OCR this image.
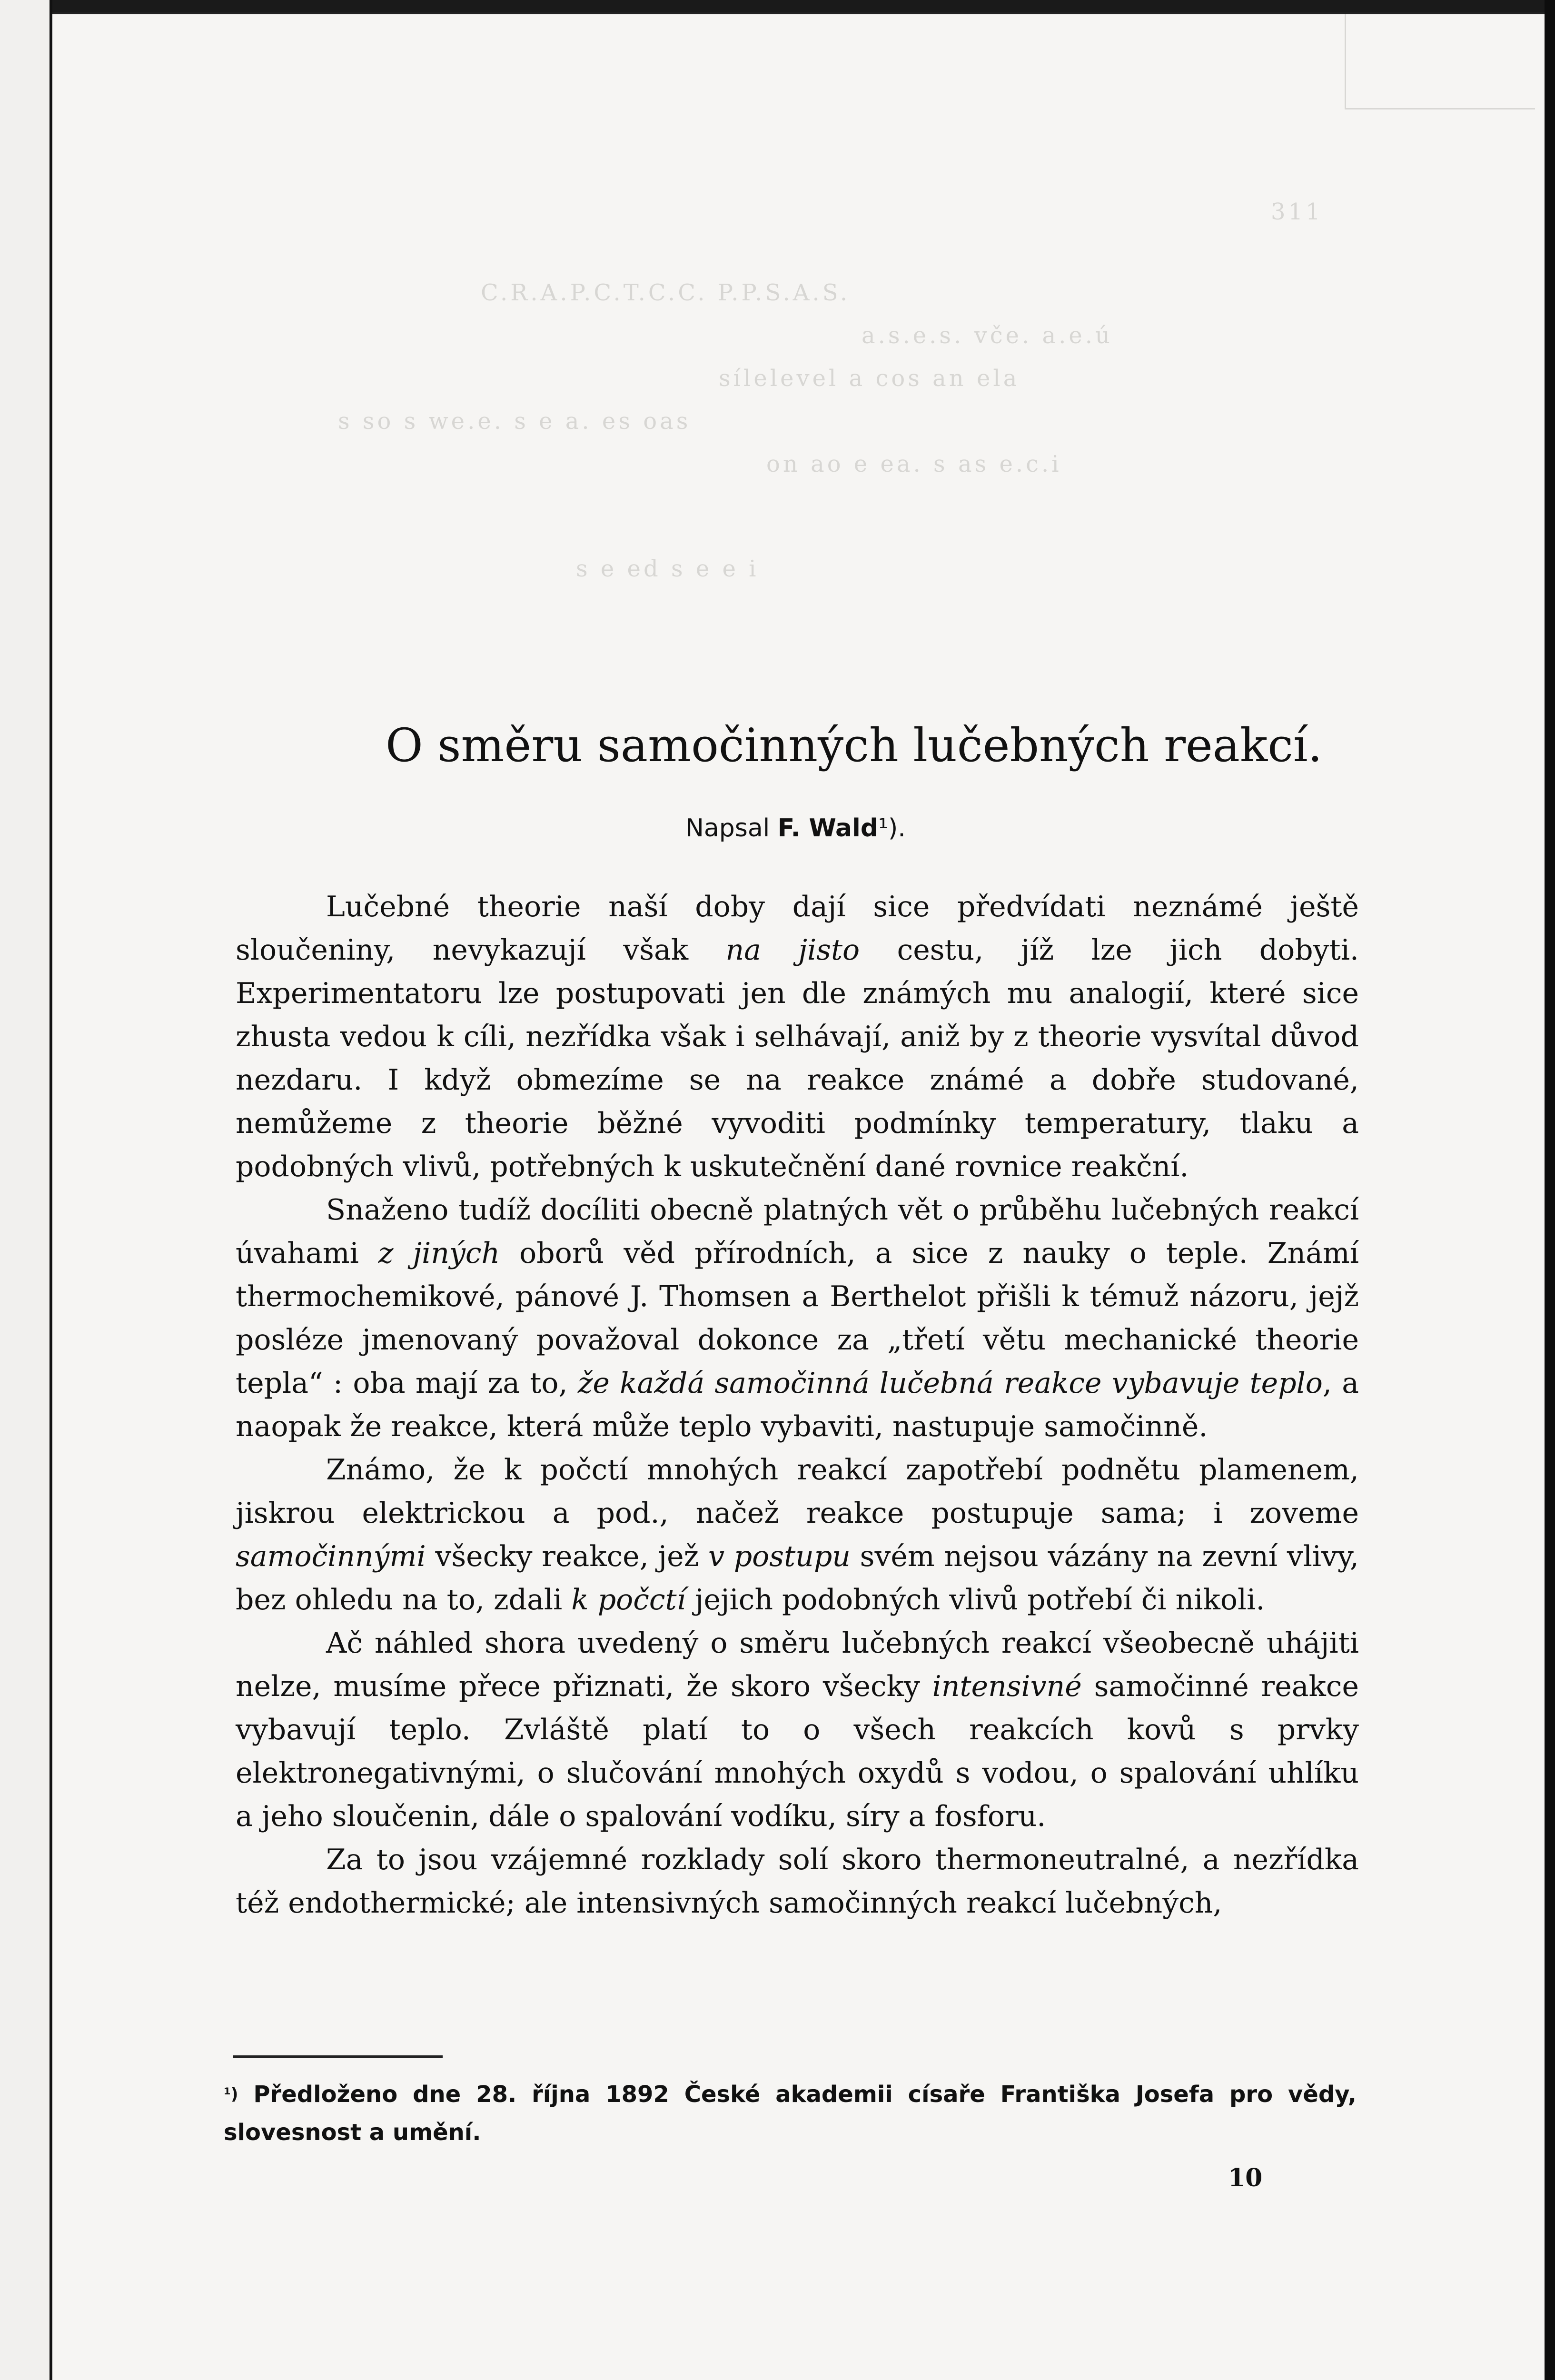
311
C.R.A.P.C.T.C.C. P.P.S.A.S.
a.s.e.s. vče. a.e.ú
sílelevel a cos an ela
s so s we.e. s e a. es oas
on ao e ea. s as e.c.i
s e ed s e e i
O směru samočinných lučebných reakcí.
Napsal F. Wald¹).

Lučebné theorie naší doby dají sice předvídati neznámé ještě sloučeniny, nevykazují však na jisto cestu, jíž lze jich dobyti. Experimentatoru lze postupovati jen dle známých mu analogií, které sice zhusta vedou k cíli, nezřídka však i selhávají, aniž by z theorie vysvítal důvod nezdaru. I když obmezíme se na reakce známé a dobře studované, nemůžeme z theorie běžné vyvoditi podmínky temperatury, tlaku a podobných vlivů, potřebných k uskutečnění dané rovnice reakční.

Snaženo tudíž docíliti obecně platných vět o průběhu lučebných reakcí úvahami z jiných oborů věd přírodních, a sice z nauky o teple. Známí thermochemikové, pánové J. Thomsen a Berthelot přišli k témuž názoru, jejž posléze jmenovaný považoval dokonce za „třetí větu mechanické theorie tepla“ : oba mají za to, že každá samočinná lučebná reakce vybavuje teplo, a naopak že reakce, která může teplo vybaviti, nastupuje samočinně.

Známo, že k počctí mnohých reakcí zapotřebí podnětu plamenem, jiskrou elektrickou a pod., načež reakce postupuje sama; i zoveme samočinnými všecky reakce, jež v postupu svém nejsou vázány na zevní vlivy, bez ohledu na to, zdali k počctí jejich podobných vlivů potřebí či nikoli.

Ač náhled shora uvedený o směru lučebných reakcí všeobecně uhájiti nelze, musíme přece přiznati, že skoro všecky intensivné samočinné reakce vybavují teplo. Zvláště platí to o všech reakcích kovů s prvky elektronegativnými, o slučování mnohých oxydů s vodou, o spalování uhlíku a jeho sloučenin, dále o spalování vodíku, síry a fosforu.

Za to jsou vzájemné rozklady solí skoro thermoneutralné, a nezřídka též endothermické; ale intensivných samočinných reakcí lučebných,

$^{^1)}$ Předloženo dne 28. října 1892 České akademii císaře Františka Josefa pro vědy, slovesnost a umění.
10
